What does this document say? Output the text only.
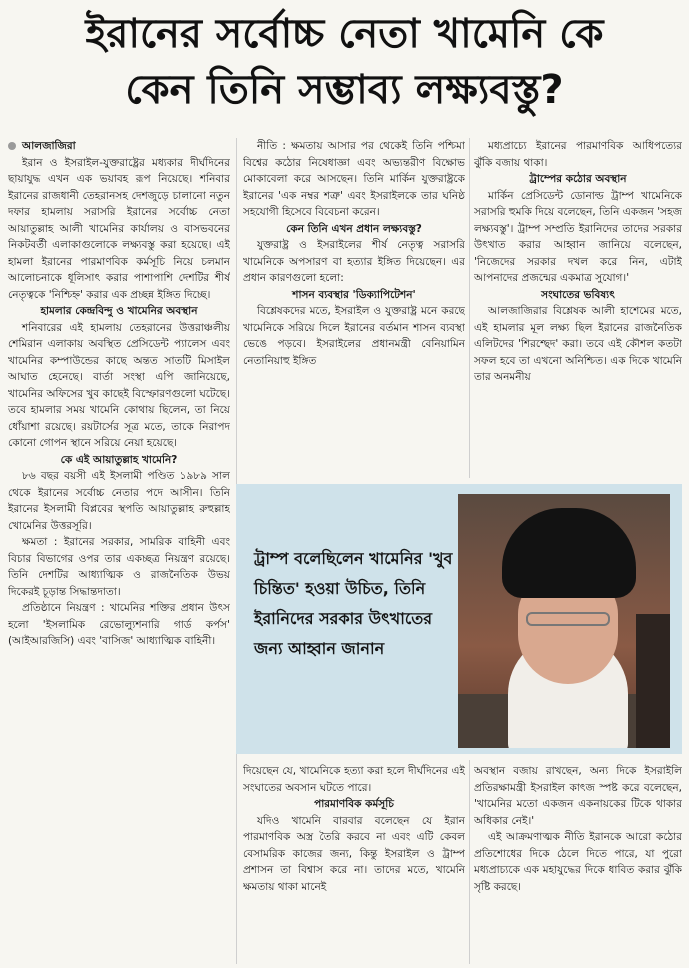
ইরানের সর্বোচ্চ নেতা খামেনি কে
কেন তিনি সম্ভাব্য লক্ষ্যবস্তু?

আলজাজিরা

ইরান ও ইসরাইল-যুক্তরাষ্ট্রের মধ্যকার দীর্ঘদিনের ছায়াযুদ্ধ এখন এক ভয়াবহ রূপ নিয়েছে। শনিবার ইরানের রাজধানী তেহরানসহ দেশজুড়ে চালানো নতুন দফার হামলায় সরাসরি ইরানের সর্বোচ্চ নেতা আয়াতুল্লাহ আলী খামেনির কার্যালয় ও বাসভবনের নিকটবর্তী এলাকাগুলোকে লক্ষ্যবস্তু করা হয়েছে। এই হামলা ইরানের পারমাণবিক কর্মসূচি নিয়ে চলমান আলোচনাকে ধূলিসাৎ করার পাশাপাশি দেশটির শীর্ষ নেতৃত্বকে 'নিশ্চিহ্ন' করার এক প্রচ্ছন্ন ইঙ্গিত দিচ্ছে।

হামলার কেন্দ্রবিন্দু ও খামেনির অবস্থান

শনিবারের এই হামলায় তেহরানের উত্তরাঞ্চলীয় শেমিরান এলাকায় অবস্থিত প্রেসিডেন্ট প্যালেস এবং খামেনির কম্পাউন্ডের কাছে অন্তত সাতটি মিসাইল আঘাত হেনেছে। বার্তা সংস্থা এপি জানিয়েছে, খামেনির অফিসের খুব কাছেই বিস্ফোরণগুলো ঘটেছে। তবে হামলার সময় খামেনি কোথায় ছিলেন, তা নিয়ে ধোঁয়াশা রয়েছে। রয়টার্সের সূত্র মতে, তাকে নিরাপদ কোনো গোপন স্থানে সরিয়ে নেয়া হয়েছে।

কে এই আয়াতুল্লাহ খামেনি?

৮৬ বছর বয়সী এই ইসলামী পণ্ডিত ১৯৮৯ সাল থেকে ইরানের সর্বোচ্চ নেতার পদে আসীন। তিনি ইরানের ইসলামী বিপ্লবের স্থপতি আয়াতুল্লাহ রুহুল্লাহ খোমেনির উত্তরসূরি।

ক্ষমতা : ইরানের সরকার, সামরিক বাহিনী এবং বিচার বিভাগের ওপর তার একচ্ছত্র নিয়ন্ত্রণ রয়েছে। তিনি দেশটির আধ্যাত্মিক ও রাজনৈতিক উভয় দিকেরই চূড়ান্ত সিদ্ধান্তদাতা।

প্রতিষ্ঠানে নিয়ন্ত্রণ : খামেনির শক্তির প্রধান উৎস হলো 'ইসলামিক রেভোল্যুশনারি গার্ড কর্পস' (আইআরজিসি) এবং 'বাসিজ' আধ্যাত্মিক বাহিনী।

নীতি : ক্ষমতায় আসার পর থেকেই তিনি পশ্চিমা বিশ্বের কঠোর নিষেধাজ্ঞা এবং অভ্যন্তরীণ বিক্ষোভ মোকাবেলা করে আসছেন। তিনি মার্কিন যুক্তরাষ্ট্রকে ইরানের 'এক নম্বর শত্রু' এবং ইসরাইলকে তার ঘনিষ্ঠ সহযোগী হিসেবে বিবেচনা করেন।

কেন তিনি এখন প্রধান লক্ষ্যবস্তু?

যুক্তরাষ্ট্র ও ইসরাইলের শীর্ষ নেতৃত্ব সরাসরি খামেনিকে অপসারণ বা হত্যার ইঙ্গিত দিয়েছেন। এর প্রধান কারণগুলো হলো:

শাসন ব্যবস্থার 'ডিক্যাপিটেশন'

বিশ্লেষকদের মতে, ইসরাইল ও যুক্তরাষ্ট্র মনে করছে খামেনিকে সরিয়ে দিলে ইরানের বর্তমান শাসন ব্যবস্থা ভেঙে পড়বে। ইসরাইলের প্রধানমন্ত্রী বেনিয়ামিন নেতানিয়াহু ইঙ্গিত

মধ্যপ্রাচ্যে ইরানের পারমাণবিক আধিপত্যের ঝুঁকি বজায় থাকা।

ট্রাম্পের কঠোর অবস্থান

মার্কিন প্রেসিডেন্ট ডোনাল্ড ট্রাম্প খামেনিকে সরাসরি হুমকি দিয়ে বলেছেন, তিনি একজন 'সহজ লক্ষ্যবস্তু'। ট্রাম্প সম্প্রতি ইরানিদের তাদের সরকার উৎখাত করার আহ্বান জানিয়ে বলেছেন, 'নিজেদের সরকার দখল করে নিন, এটাই আপনাদের প্রজন্মের একমাত্র সুযোগ।'

সংঘাতের ভবিষ্যৎ

আলজাজিরার বিশ্লেষক আলী হাশেমের মতে, এই হামলার মূল লক্ষ্য ছিল ইরানের রাজনৈতিক এলিটদের 'শিরশ্ছেদ' করা। তবে এই কৌশল কতটা সফল হবে তা এখনো অনিশ্চিত। এক দিকে খামেনি তার অনমনীয়

ট্রাম্প বলেছিলেন খামেনির 'খুব চিন্তিত' হওয়া উচিত, তিনি ইরানিদের সরকার উৎখাতের জন্য আহ্বান জানান

দিয়েছেন যে, খামেনিকে হত্যা করা হলে দীর্ঘদিনের এই সংঘাতের অবসান ঘটতে পারে।

পারমাণবিক কর্মসূচি

যদিও খামেনি বারবার বলেছেন যে ইরান পারমাণবিক অস্ত্র তৈরি করবে না এবং এটি কেবল বেসামরিক কাজের জন্য, কিন্তু ইসরাইল ও ট্রাম্প প্রশাসন তা বিশ্বাস করে না। তাদের মতে, খামেনি ক্ষমতায় থাকা মানেই

অবস্থান বজায় রাখছেন, অন্য দিকে ইসরাইলি প্রতিরক্ষামন্ত্রী ইসরাইল কাৎজ স্পষ্ট করে বলেছেন, 'খামেনির মতো একজন একনায়কের টিকে থাকার অধিকার নেই।'

এই আক্রমণাত্মক নীতি ইরানকে আরো কঠোর প্রতিশোধের দিকে ঠেলে দিতে পারে, যা পুরো মধ্যপ্রাচ্যকে এক মহাযুদ্ধের দিকে ধাবিত করার ঝুঁকি সৃষ্টি করছে।
